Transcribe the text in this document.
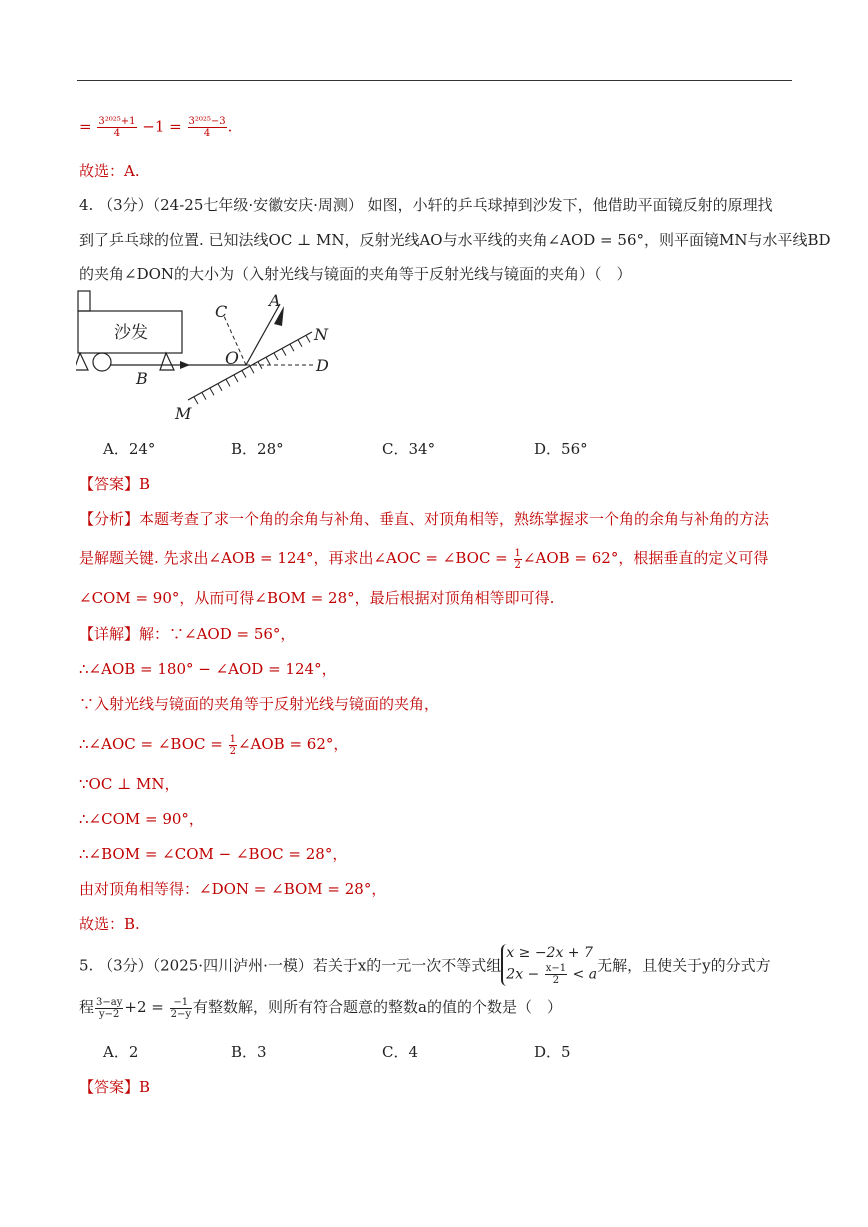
= $\frac{\text{3²⁰²⁵+1}}{4} -1 = \frac{\text{3²⁰²⁵−3}}{4}$ .
故选：A.
4. （3分）（24-25七年级·安徽安庆·周测） 如图，小轩的乒乓球掉到沙发下，他借助平面镜反射的原理找
到了乒乓球的位置. 已知法线OC ⊥ MN，反射光线AO与水平线的夹角∠AOD = 56°，则平面镜MN与水平线BD
的夹角∠DON的大小为（入射光线与镜面的夹角等于反射光线与镜面的夹角）（　）
沙发
C
A
O
N
D
B
M
A．24°	B．28°	C．34°	D．56°
【答案】B
【分析】本题考查了求一个角的余角与补角、垂直、对顶角相等，熟练掌握求一个角的余角与补角的方法
是解题关键. 先求出∠AOB = 124°，再求出∠AOC = ∠BOC = $\frac{1}{2}$ ∠AOB = 62°，根据垂直的定义可得
∠COM = 90°，从而可得∠BOM = 28°，最后根据对顶角相等即可得.
【详解】解：∵∠AOD = 56°，
∴∠AOB = 180° − ∠AOD = 124°，
∵入射光线与镜面的夹角等于反射光线与镜面的夹角，
∴∠AOC = ∠BOC = $\frac{1}{2}$ ∠AOB = 62°，
∵OC ⊥ MN，
∴∠COM = 90°，
∴∠BOM = ∠COM − ∠BOC = 28°，
由对顶角相等得：∠DON = ∠BOM = 28°，
故选：B.
5. （3分）（2025·四川泸州·一模）若关于x的一元一次不等式组
x ≥ −2x + 7
$2x - \frac{x-1}{2} < a$ 无解，且使关于y的分式方
程 $\frac{3-ay}{y-2} +2 = \frac{-1}{2-y}$ 有整数解，则所有符合题意的整数a的值的个数是（　）
A．2	B．3	C．4	D．5
【答案】B
